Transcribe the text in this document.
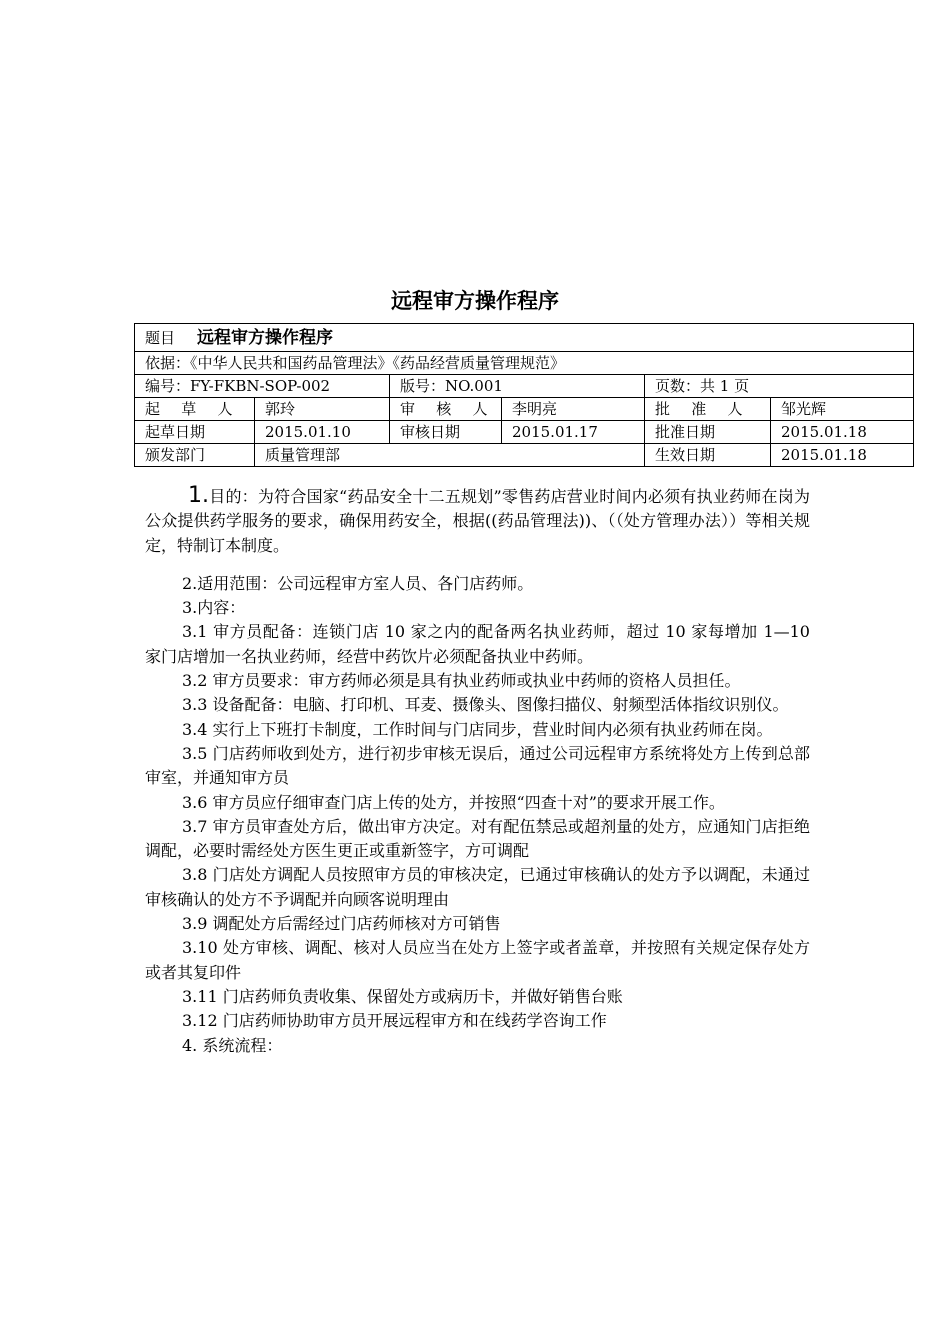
远程审方操作程序
题目 远程审方操作程序					
依据：《中华人民共和国药品管理法》《药品经营质量管理规范》					
编号：FY-FKBN-SOP-002		版号：NO.001		页数：共 1 页	
起 草 人	郭玲	审 核 人	李明亮	批 准 人	邹光辉
起草日期	2015.01.10	审核日期	2015.01.17	批准日期	2015.01.18
颁发部门	质量管理部			生效日期	2015.01.18

1.目的：为符合国家“药品安全十二五规划”零售药店营业时间内必须有执业药师在岗为公众提供药学服务的要求，确保用药安全，根据((药品管理法))、（（处方管理办法））等相关规定，特制订本制度。

2.适用范围：公司远程审方室人员、各门店药师。

3.内容：

3.1 审方员配备：连锁门店 10 家之内的配备两名执业药师，超过 10 家每增加 1—10 家门店增加一名执业药师，经营中药饮片必须配备执业中药师。

3.2 审方员要求：审方药师必须是具有执业药师或执业中药师的资格人员担任。

3.3 设备配备：电脑、打印机、耳麦、摄像头、图像扫描仪、射频型活体指纹识别仪。

3.4 实行上下班打卡制度，工作时间与门店同步，营业时间内必须有执业药师在岗。

3.5 门店药师收到处方，进行初步审核无误后，通过公司远程审方系统将处方上传到总部审室，并通知审方员

3.6 审方员应仔细审查门店上传的处方，并按照“四查十对”的要求开展工作。

3.7 审方员审查处方后，做出审方决定。对有配伍禁忌或超剂量的处方，应通知门店拒绝调配，必要时需经处方医生更正或重新签字，方可调配

3.8 门店处方调配人员按照审方员的审核决定，已通过审核确认的处方予以调配，未通过审核确认的处方不予调配并向顾客说明理由

3.9 调配处方后需经过门店药师核对方可销售

3.10 处方审核、调配、核对人员应当在处方上签字或者盖章，并按照有关规定保存处方或者其复印件

3.11 门店药师负责收集、保留处方或病历卡，并做好销售台账

3.12 门店药师协助审方员开展远程审方和在线药学咨询工作

4. 系统流程：
